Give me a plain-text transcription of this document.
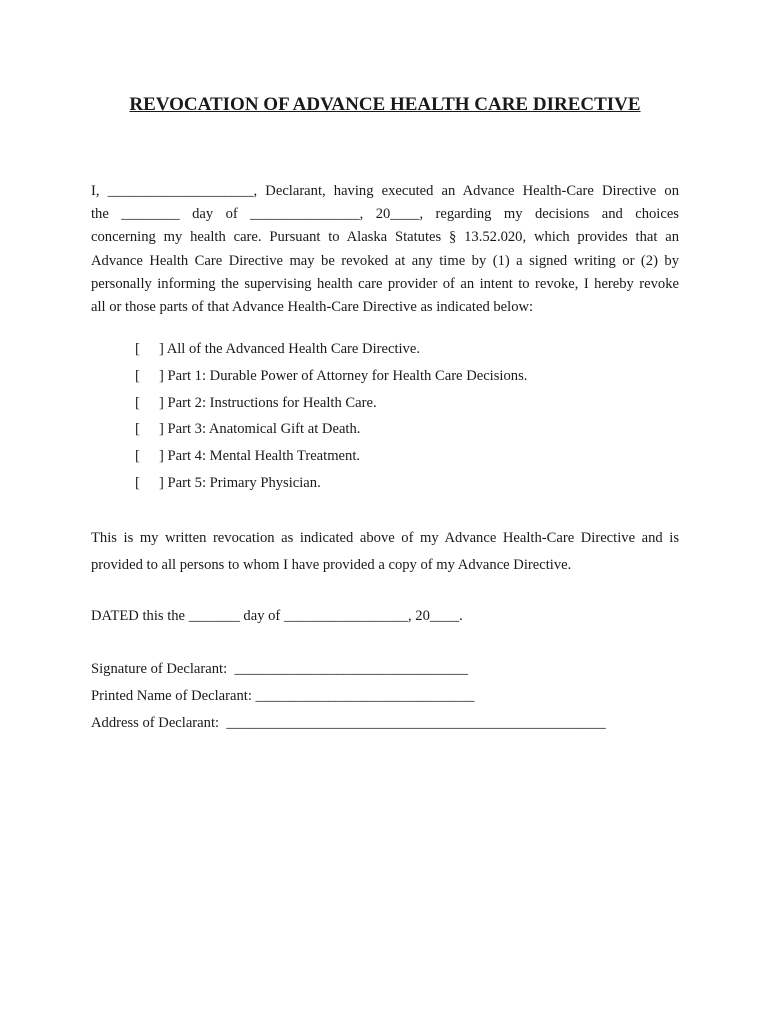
REVOCATION OF ADVANCE HEALTH CARE DIRECTIVE

I, ____________________, Declarant, having executed an Advance Health-Care Directive on
the ________ day of _______________, 20____, regarding my decisions and choices
concerning my health care. Pursuant to Alaska Statutes § 13.52.020, which provides that an
Advance Health Care Directive may be revoked at any time by (1) a signed writing or (2) by
personally informing the supervising health care provider of an intent to revoke, I hereby revoke
all or those parts of that Advance Health-Care Directive as indicated below:

[ ] All of the Advanced Health Care Directive.
[ ] Part 1: Durable Power of Attorney for Health Care Decisions.
[ ] Part 2: Instructions for Health Care.
[ ] Part 3: Anatomical Gift at Death.
[ ] Part 4: Mental Health Treatment.
[ ] Part 5: Primary Physician.

This is my written revocation as indicated above of my Advance Health-Care Directive and is
provided to all persons to whom I have provided a copy of my Advance Directive.

DATED this the _______ day of _________________, 20____.

Signature of Declarant: ________________________________
Printed Name of Declarant: ______________________________
Address of Declarant: ____________________________________________________
